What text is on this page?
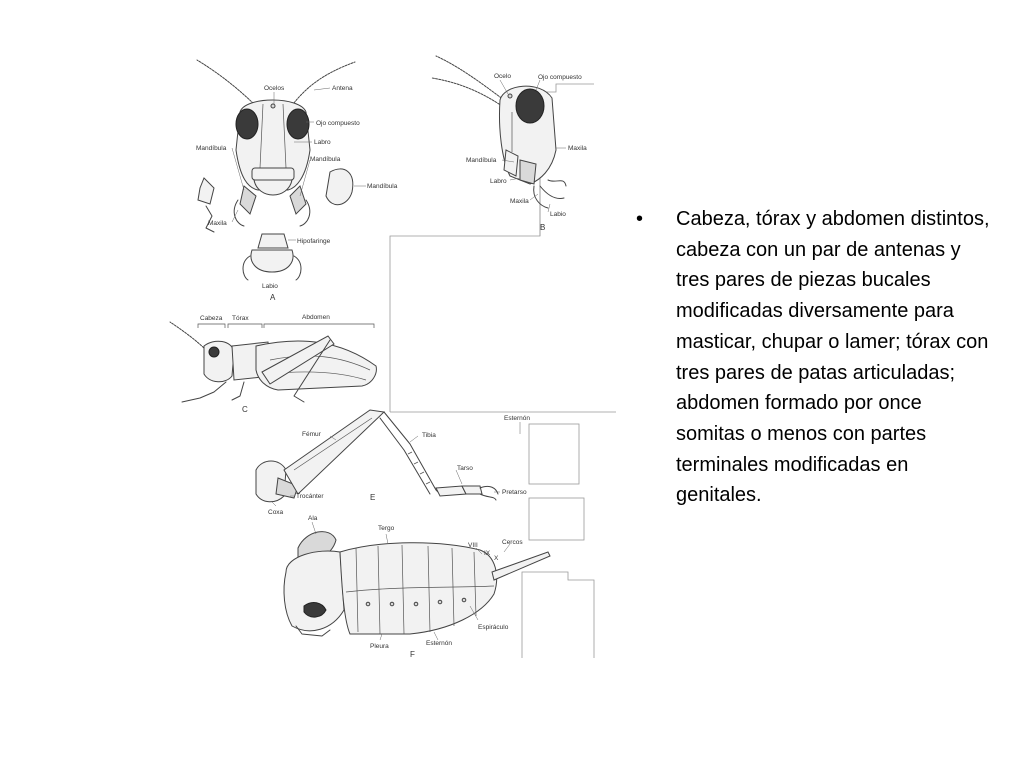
Ocelos	Antena
Ojo compuesto
Labro
Mandíbula
Mandíbula
Mandíbula
Maxila
Hipofaringe
Labio
A
Ocelo	Ojo compuesto
Maxila
Mandíbula
Labro
Maxila
Labio
B
Cabeza Tórax	Abdomen
C
Esternón
Fémur	Tibia
Tarso
Pretarso
Trocánter
Coxa
E
Ala
Tergo
VIII
IX
X
Cercos
Espiráculo
Pleura	Esternón
F
•	Cabeza, tórax y abdomen distintos, cabeza con un par de antenas y tres pares de piezas bucales modificadas diversamente para masticar, chupar o lamer; tórax con tres pares de patas articuladas; abdomen formado por once somitas o menos con partes terminales modificadas en genitales.
